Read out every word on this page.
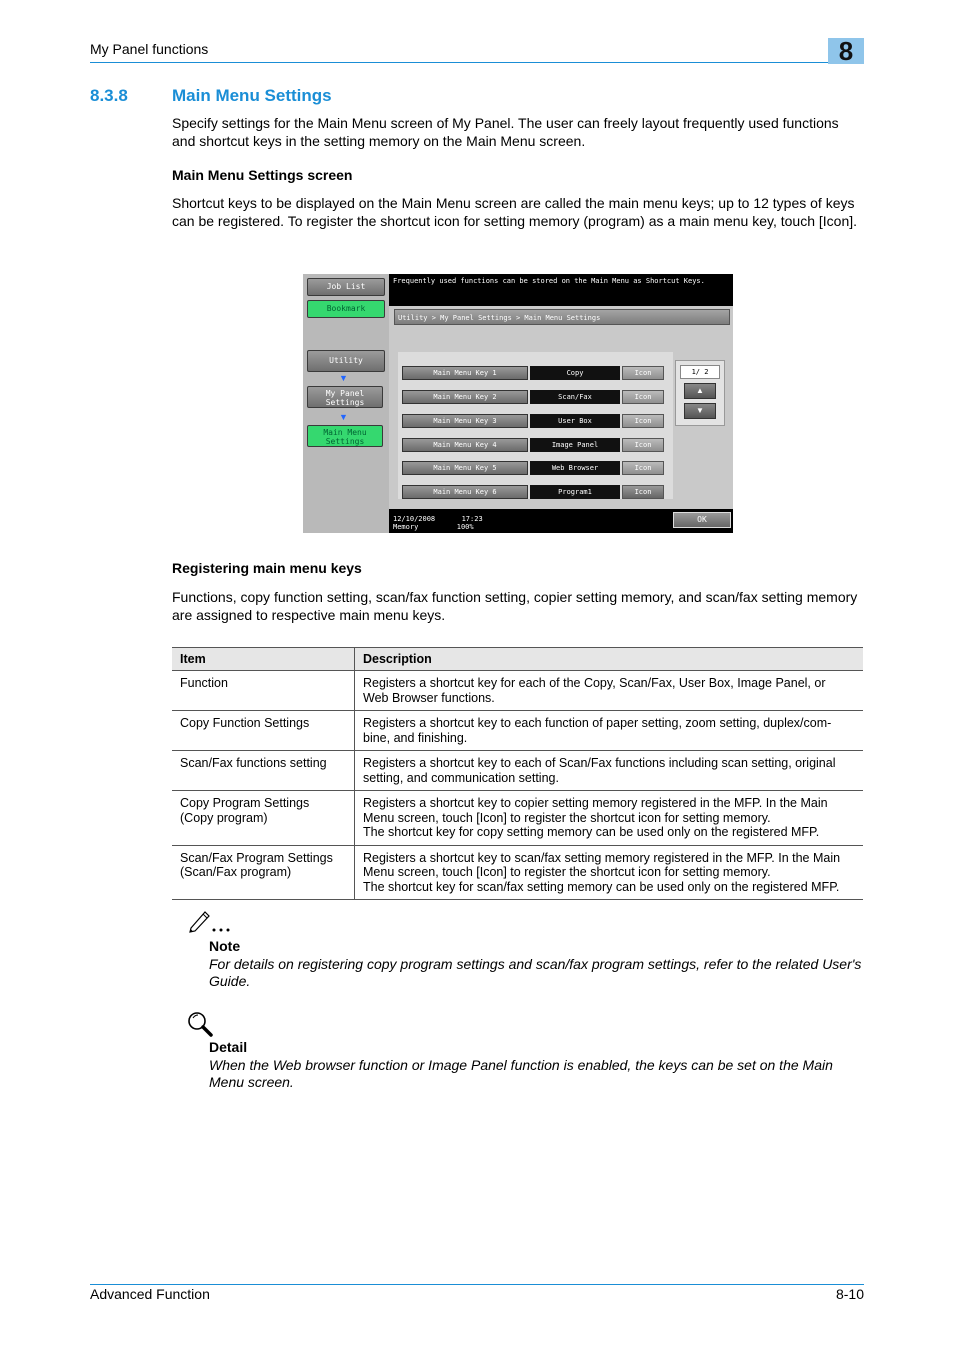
My Panel functions	8
8.3.8	Main Menu Settings
Specify settings for the Main Menu screen of My Panel. The user can freely layout frequently used functions and shortcut keys in the setting memory on the Main Menu screen.
Main Menu Settings screen
Shortcut keys to be displayed on the Main Menu screen are called the main menu keys; up to 12 types of keys can be registered. To register the shortcut icon for setting memory (program) as a main menu key, touch [Icon].
Job List
Bookmark
Utility
▼
My Panel
Settings
▼
Main Menu
Settings
Frequently used functions can be stored on the Main Menu as Shortcut Keys.
Utility > My Panel Settings > Main Menu Settings
Main Menu Key 1	Copy	Icon
Main Menu Key 2	Scan/Fax	Icon
Main Menu Key 3	User Box	Icon
Main Menu Key 4	Image Panel	Icon
Main Menu Key 5	Web Browser	Icon
Main Menu Key 6	Program1	Icon
1/ 2
▲
▼
12/10/2008	17:23
Memory	100%
OK
Registering main menu keys
Functions, copy function setting, scan/fax function setting, copier setting memory, and scan/fax setting memory are assigned to respective main menu keys.
Item	Description
Function	Registers a shortcut key for each of the Copy, Scan/Fax, User Box, Image Panel, or
Web Browser functions.
Copy Function Settings	Registers a shortcut key to each function of paper setting, zoom setting, duplex/com-
bine, and finishing.
Scan/Fax functions setting	Registers a shortcut key to each of Scan/Fax functions including scan setting, original
setting, and communication setting.
Copy Program Settings
(Copy program)	Registers a shortcut key to copier setting memory registered in the MFP. In the Main
Menu screen, touch [Icon] to register the shortcut icon for setting memory.
The shortcut key for copy setting memory can be used only on the registered MFP.
Scan/Fax Program Settings
(Scan/Fax program)	Registers a shortcut key to scan/fax setting memory registered in the MFP. In the Main
Menu screen, touch [Icon] to register the shortcut icon for setting memory.
The shortcut key for scan/fax setting memory can be used only on the registered MFP.
Note
For details on registering copy program settings and scan/fax program settings, refer to the related User's Guide.
Detail
When the Web browser function or Image Panel function is enabled, the keys can be set on the Main Menu screen.
Advanced Function	8-10
